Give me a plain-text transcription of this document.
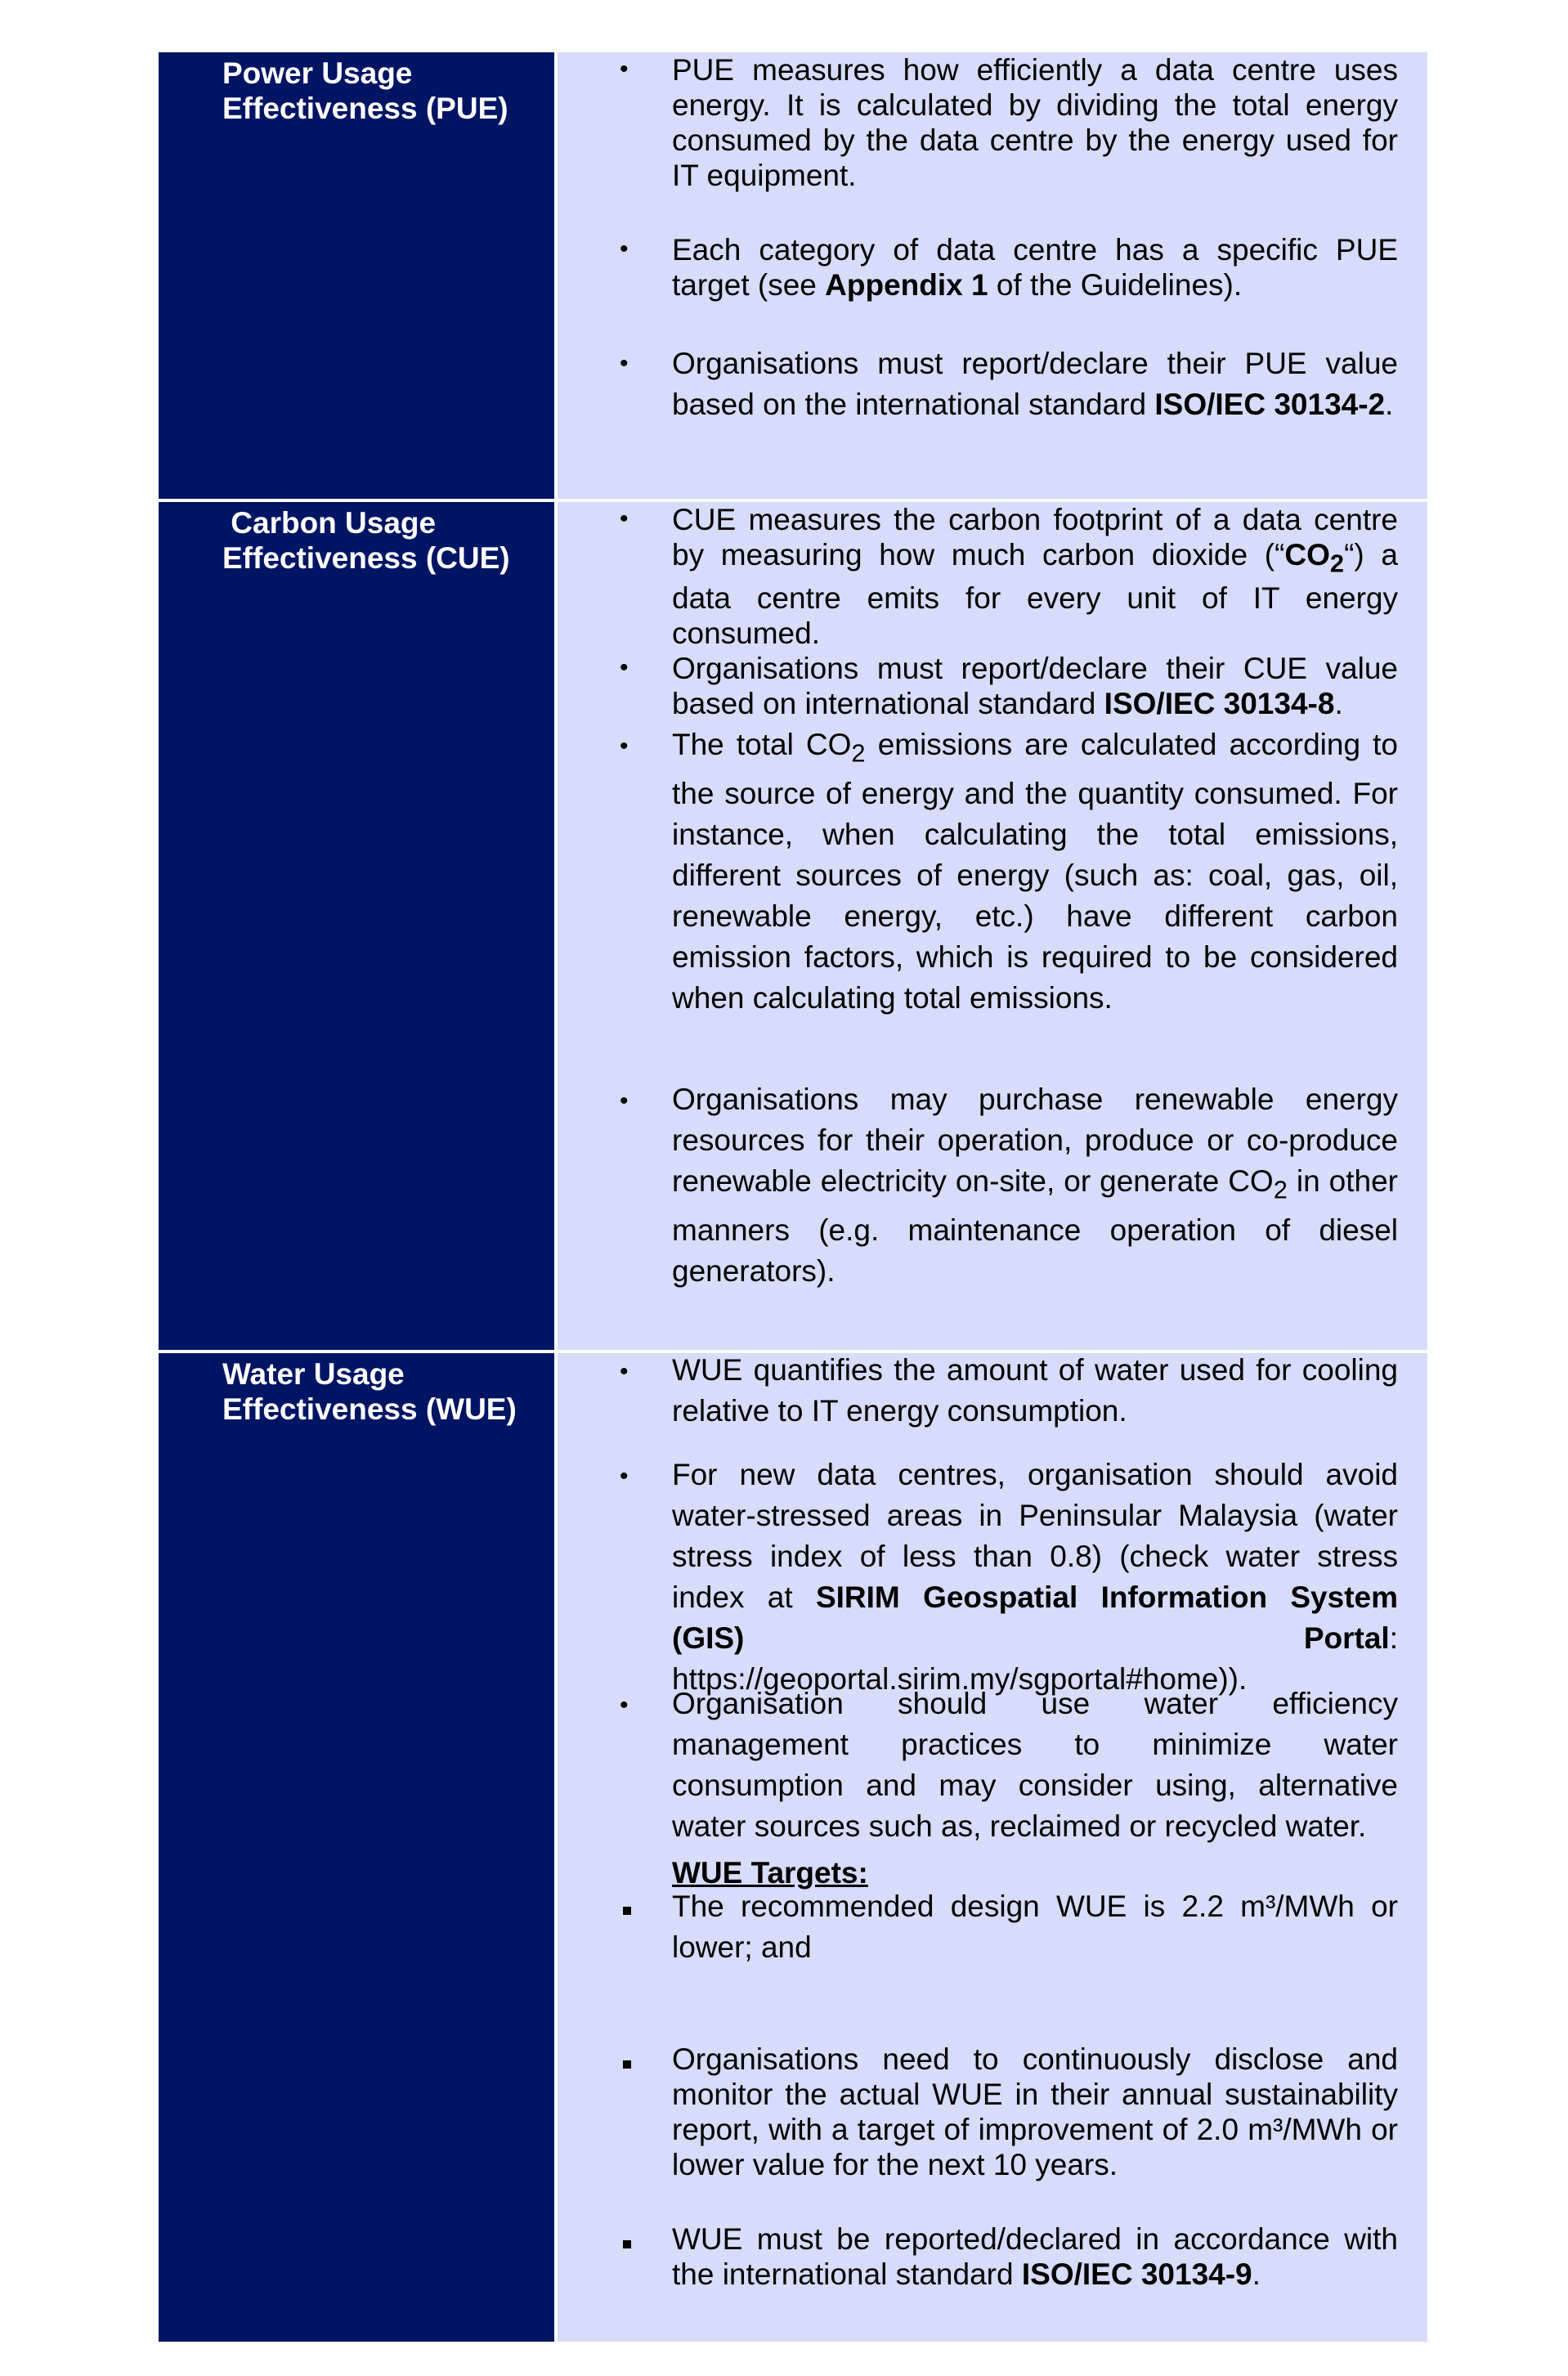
Power Usage
Effectiveness (PUE)
• PUE measures how efficiently a data centre uses energy. It is calculated by dividing the total energy consumed by the data centre by the energy used for IT equipment.
• Each category of data centre has a specific PUE target (see Appendix 1 of the Guidelines).
• Organisations must report/declare their PUE value based on the international standard ISO/IEC 30134-2.
Carbon Usage
Effectiveness (CUE)
• CUE measures the carbon footprint of a data centre by measuring how much carbon dioxide $(“CO_2“)$ a data centre emits for every unit of IT energy consumed.
• Organisations must report/declare their CUE value based on international standard ISO/IEC 30134-8.
• The total $CO_2$ emissions are calculated according to the source of energy and the quantity consumed. For instance, when calculating the total emissions, different sources of energy (such as: coal, gas, oil, renewable energy, etc.) have different carbon emission factors, which is required to be considered when calculating total emissions.
• Organisations may purchase renewable energy resources for their operation, produce or co-produce renewable electricity on-site, or generate $CO_2$ in other manners (e.g. maintenance operation of diesel generators).
Water Usage
Effectiveness (WUE)
• WUE quantifies the amount of water used for cooling relative to IT energy consumption.
• For new data centres, organisation should avoid water-stressed areas in Peninsular Malaysia (water stress index of less than 0.8) (check water stress index at SIRIM Geospatial Information System (GIS) Portal: https://geoportal.sirim.my/sgportal#home)).
• Organisation should use water efficiency management practices to minimize water consumption and may consider using, alternative water sources such as, reclaimed or recycled water.
WUE Targets:
The recommended design WUE is 2.2 m³/MWh or lower; and
Organisations need to continuously disclose and monitor the actual WUE in their annual sustainability report, with a target of improvement of 2.0 m³/MWh or lower value for the next 10 years.
WUE must be reported/declared in accordance with the international standard ISO/IEC 30134-9.
